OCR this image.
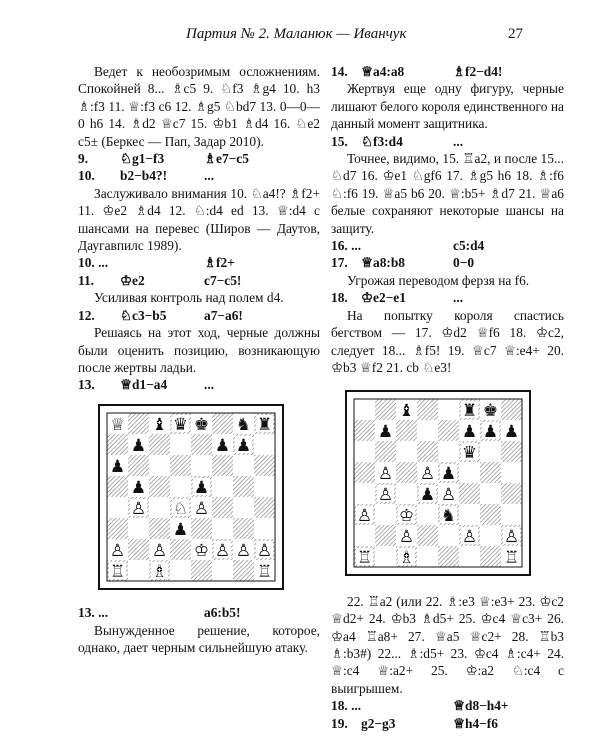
Партия № 2. Маланюк — Иванчук	27

Ведет к необозримым осложнениям. Спокойней 8... ♗c5 9. ♘f3 ♗g4 10. h3 ♗:f3 11. ♕:f3 c6 12. ♗g5 ♘bd7 13. 0—0—0 h6 14. ♗d2 ♕c7 15. ♔b1 ♗d4 16. ♘e2 c5± (Беркес — Пап, Задар 2010).

9. ♘g1−f3	♗e7−c5
10. b2−b4?!	...

Заслуживало внимания 10. ♘a4!? ♗f2+ 11. ♔e2 ♗d4 12. ♘:d4 ed 13. ♕:d4 с шансами на перевес (Широв — Даутов, Даугавпилс 1989).

10. ...	♗f2+
11. ♔e2	c7−c5!

Усиливая контроль над полем d4.

12. ♘c3−b5	a7−a6!

Решаясь на этот ход, черные должны были оценить позицию, возникающую после жертвы ладьи.

13. ♕d1−a4	...
♕ ♝ ♛ ♚ ♞ ♜
♟	♟ ♟
♟
♟	♟
♙ ♘ ♙
♟
♙ ♙ ♔ ♙ ♙ ♙
♖ ♗	♖
13. ...	a6:b5!

Вынужденное решение, которое, однако, дает черным сильнейшую атаку.

14. ♕a4:a8	♗f2−d4!

Жертвуя еще одну фигуру, черные лишают белого короля единственного на данный момент защитника.

15. ♘f3:d4	...

Точнее, видимо, 15. ♖a2, и после 15... ♘d7 16. ♔e1 ♘gf6 17. ♗g5 h6 18. ♗:f6 ♘:f6 19. ♕a5 b6 20. ♕:b5+ ♗d7 21. ♕a6 белые сохраняют некоторые шансы на защиту.

16. ...	c5:d4
17. ♕a8:b8	0−0

Угрожая переводом ферзя на f6.

18. ♔e2−e1	...

На попытку короля спастись бегством — 17. ♔d2 ♕f6 18. ♔c2, следует 18... ♗f5! 19. ♕c7 ♕:e4+ 20. ♔b3 ♕f2 21. cb ♘e3!

♝	♜ ♚
♟	♟ ♟ ♟
♛
♙ ♙ ♟
♙ ♟ ♙
♙ ♔ ♞
♙	♙ ♙
♖ ♗	♖

22. ♖a2 (или 22. ♗:e3 ♕:e3+ 23. ♔c2 ♕d2+ 24. ♔b3 ♗d5+ 25. ♔c4 ♕c3+ 26. ♔a4 ♖a8+ 27. ♕a5 ♕c2+ 28. ♖b3 ♗:b3#) 22... ♗:d5+ 23. ♔c4 ♗:c4+ 24. ♕:c4 ♕:a2+ 25. ♔:a2 ♘:c4 с выигрышем.

18. ...	♕d8−h4+
19. g2−g3	♕h4−f6
